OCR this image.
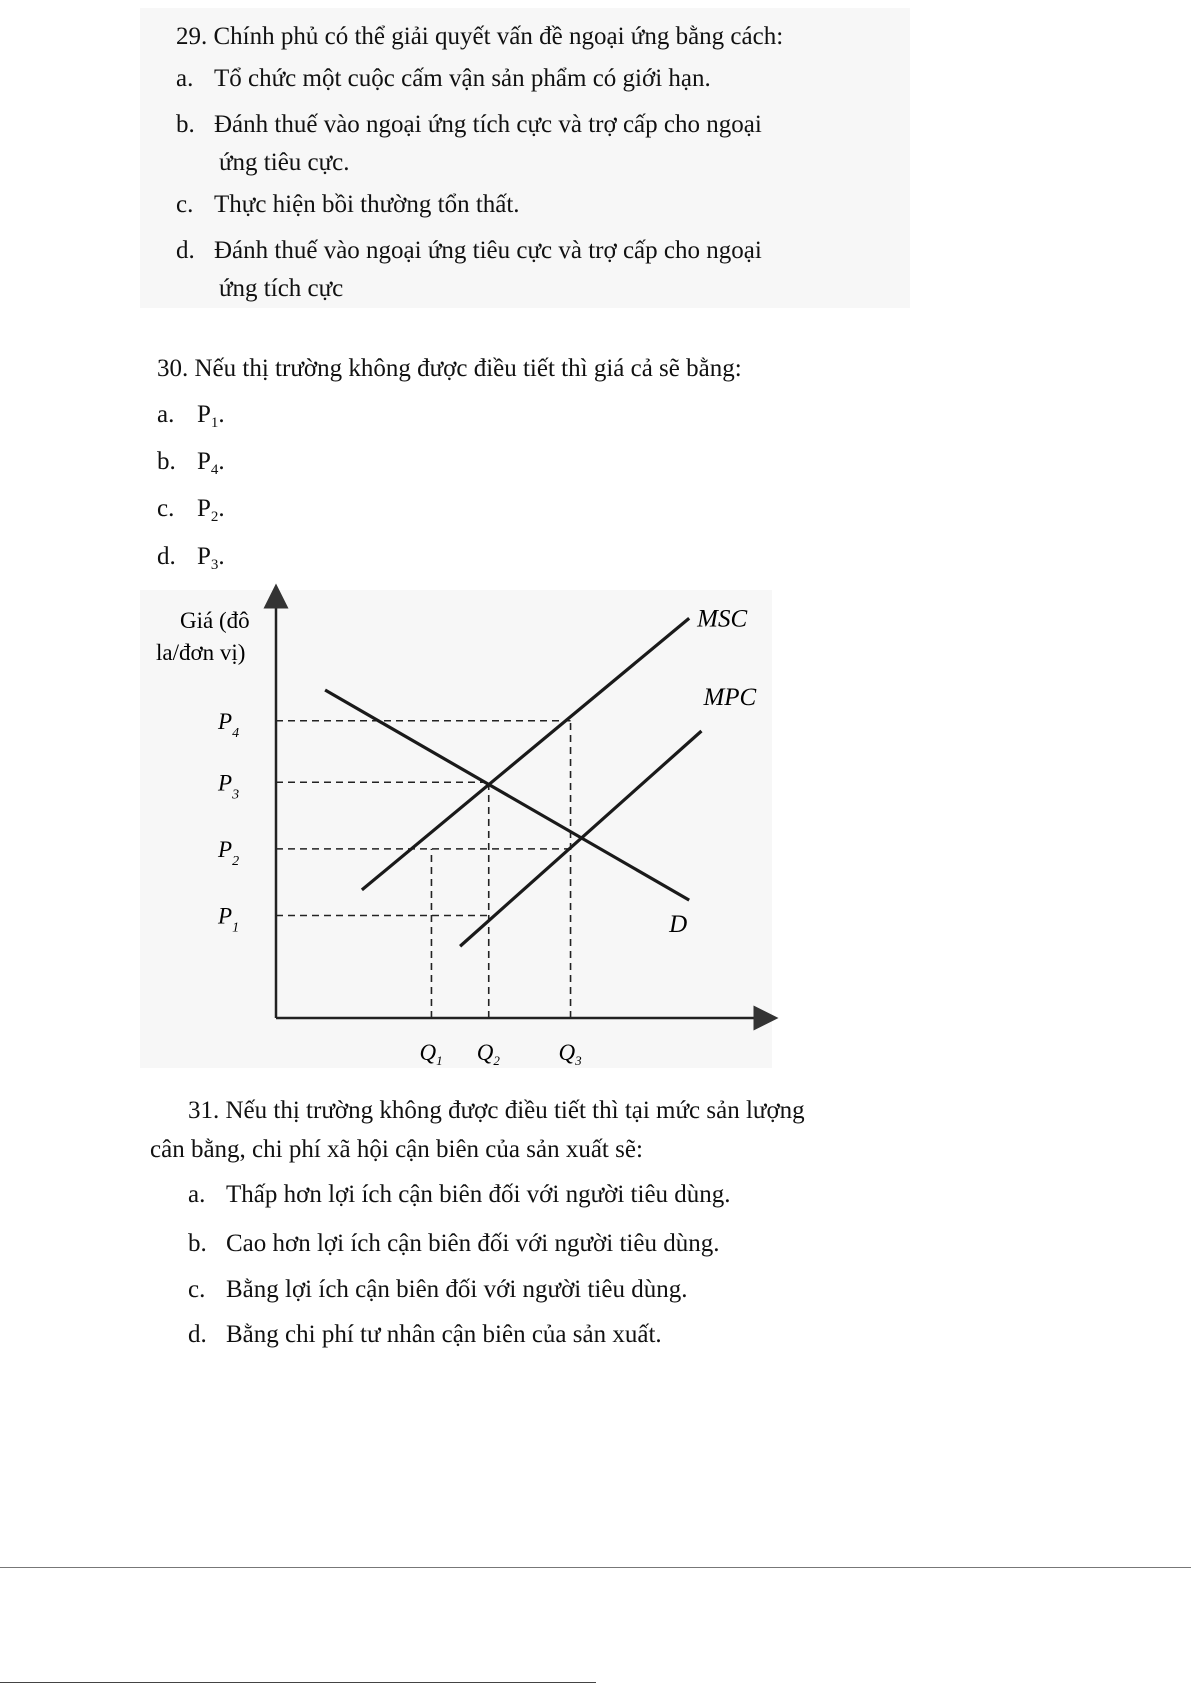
29. Chính phủ có thể giải quyết vấn đề ngoại ứng bằng cách:
a. Tổ chức một cuộc cấm vận sản phẩm có giới hạn.
b. Đánh thuế vào ngoại ứng tích cực và trợ cấp cho ngoại
ứng tiêu cực.
c. Thực hiện bồi thường tổn thất.
d. Đánh thuế vào ngoại ứng tiêu cực và trợ cấp cho ngoại
ứng tích cực
30. Nếu thị trường không được điều tiết thì giá cả sẽ bằng:
a. $P_1$.
b. $P_4$.
c. $P_2$.
d. $P_3$.
Giá (đô
la/đơn vị)
MSC
MPC
D
$P_1$
$P_2$
$P_3$
$P_4$
$Q_1$ $Q_2$	$Q_3$
31. Nếu thị trường không được điều tiết thì tại mức sản lượng
cân bằng, chi phí xã hội cận biên của sản xuất sẽ:
a. Thấp hơn lợi ích cận biên đối với người tiêu dùng.
b. Cao hơn lợi ích cận biên đối với người tiêu dùng.
c. Bằng lợi ích cận biên đối với người tiêu dùng.
d. Bằng chi phí tư nhân cận biên của sản xuất.
